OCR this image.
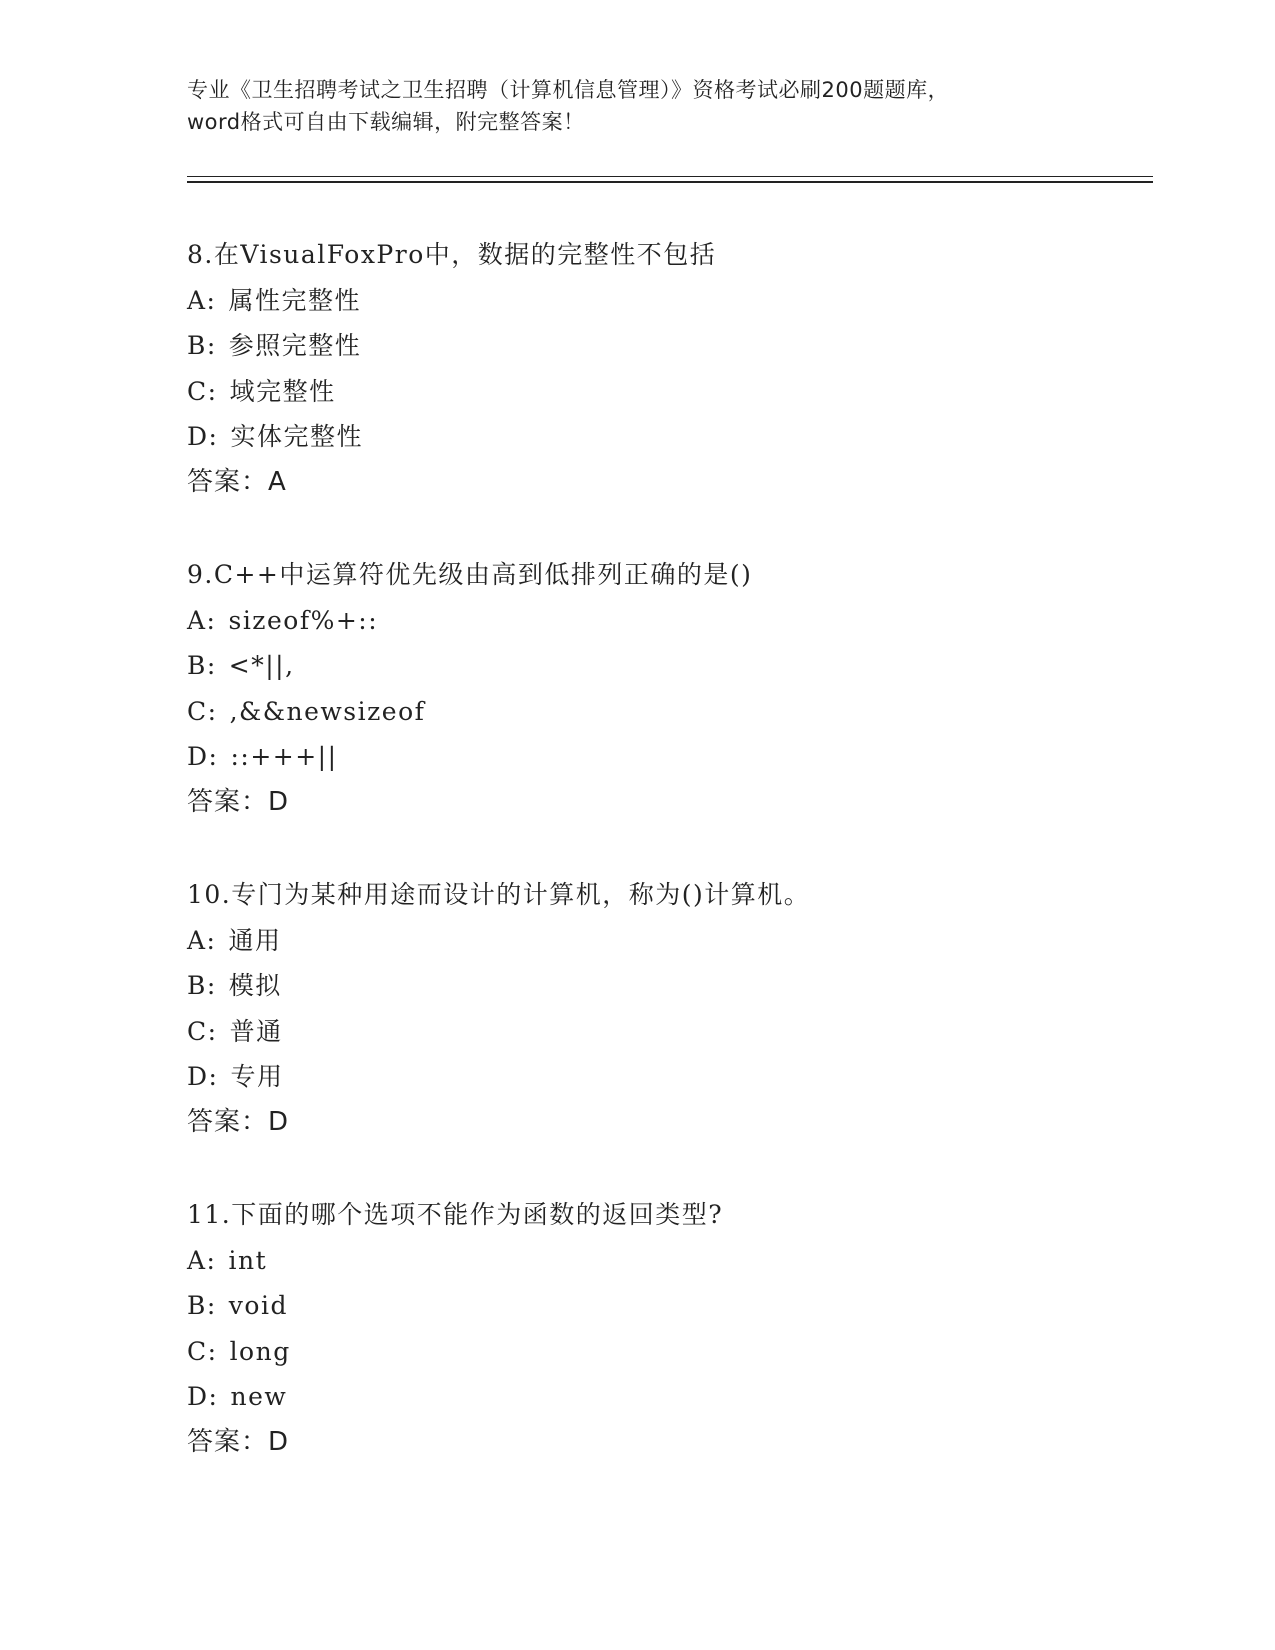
专业《卫生招聘考试之卫生招聘（计算机信息管理）》资格考试必刷200题题库，

word格式可自由下载编辑，附完整答案！

8.在VisualFoxPro中，数据的完整性不包括
A: 属性完整性
B: 参照完整性
C: 域完整性
D: 实体完整性
答案：A
9.C++中运算符优先级由高到低排列正确的是()
A: sizeof%+::
B: <*||,
C: ,&&newsizeof
D: ::+++||
答案：D
10.专门为某种用途而设计的计算机，称为()计算机。
A: 通用
B: 模拟
C: 普通
D: 专用
答案：D
11.下面的哪个选项不能作为函数的返回类型?
A: int
B: void
C: long
D: new
答案：D
